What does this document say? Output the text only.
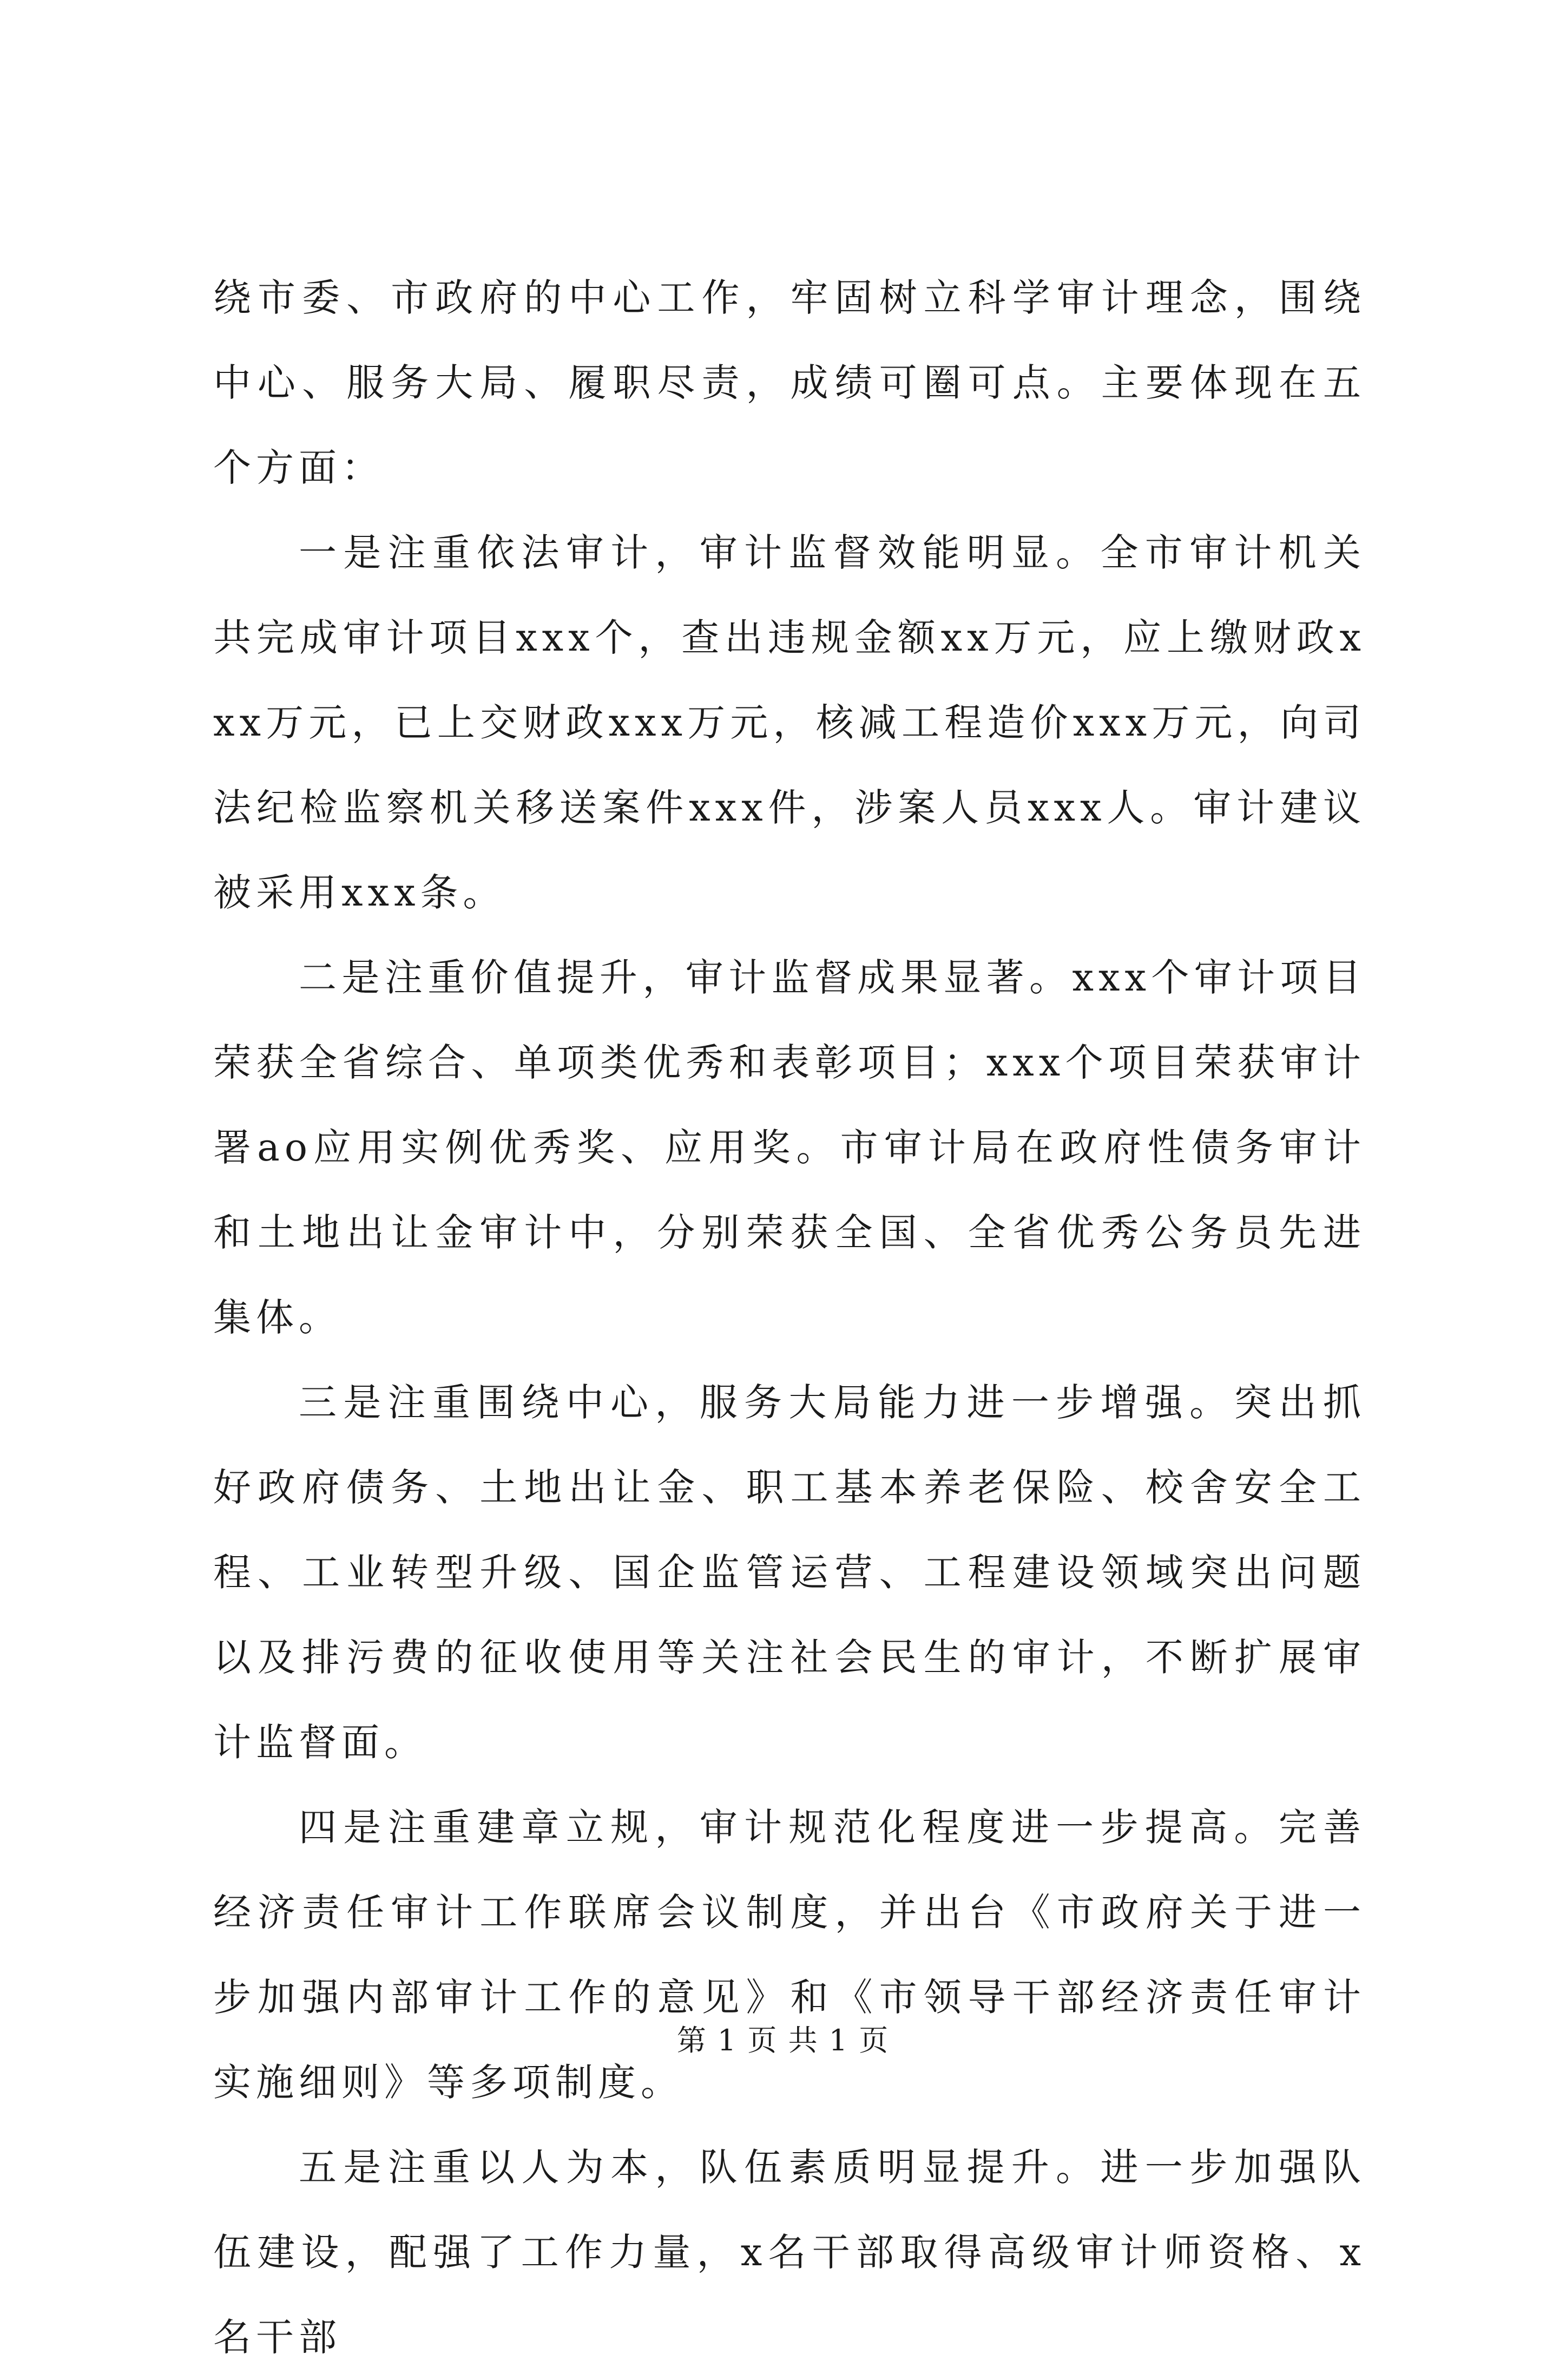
绕市委、市政府的中心工作，牢固树立科学审计理念，围绕中心、服务大局、履职尽责，成绩可圈可点。主要体现在五个方面：

一是注重依法审计，审计监督效能明显。全市审计机关共完成审计项目xxx个，查出违规金额xx万元，应上缴财政xxx万元，已上交财政xxx万元，核减工程造价xxx万元，向司法纪检监察机关移送案件xxx件，涉案人员xxx人。审计建议被采用xxx条。

二是注重价值提升，审计监督成果显著。xxx个审计项目荣获全省综合、单项类优秀和表彰项目；xxx个项目荣获审计署ao应用实例优秀奖、应用奖。市审计局在政府性债务审计和土地出让金审计中，分别荣获全国、全省优秀公务员先进集体。

三是注重围绕中心，服务大局能力进一步增强。突出抓好政府债务、土地出让金、职工基本养老保险、校舍安全工程、工业转型升级、国企监管运营、工程建设领域突出问题以及排污费的征收使用等关注社会民生的审计，不断扩展审计监督面。

四是注重建章立规，审计规范化程度进一步提高。完善经济责任审计工作联席会议制度，并出台《市政府关于进一步加强内部审计工作的意见》和《市领导干部经济责任审计实施细则》等多项制度。

五是注重以人为本，队伍素质明显提升。进一步加强队伍建设，配强了工作力量，x名干部取得高级审计师资格、x名干部

第 1 页 共 1 页
